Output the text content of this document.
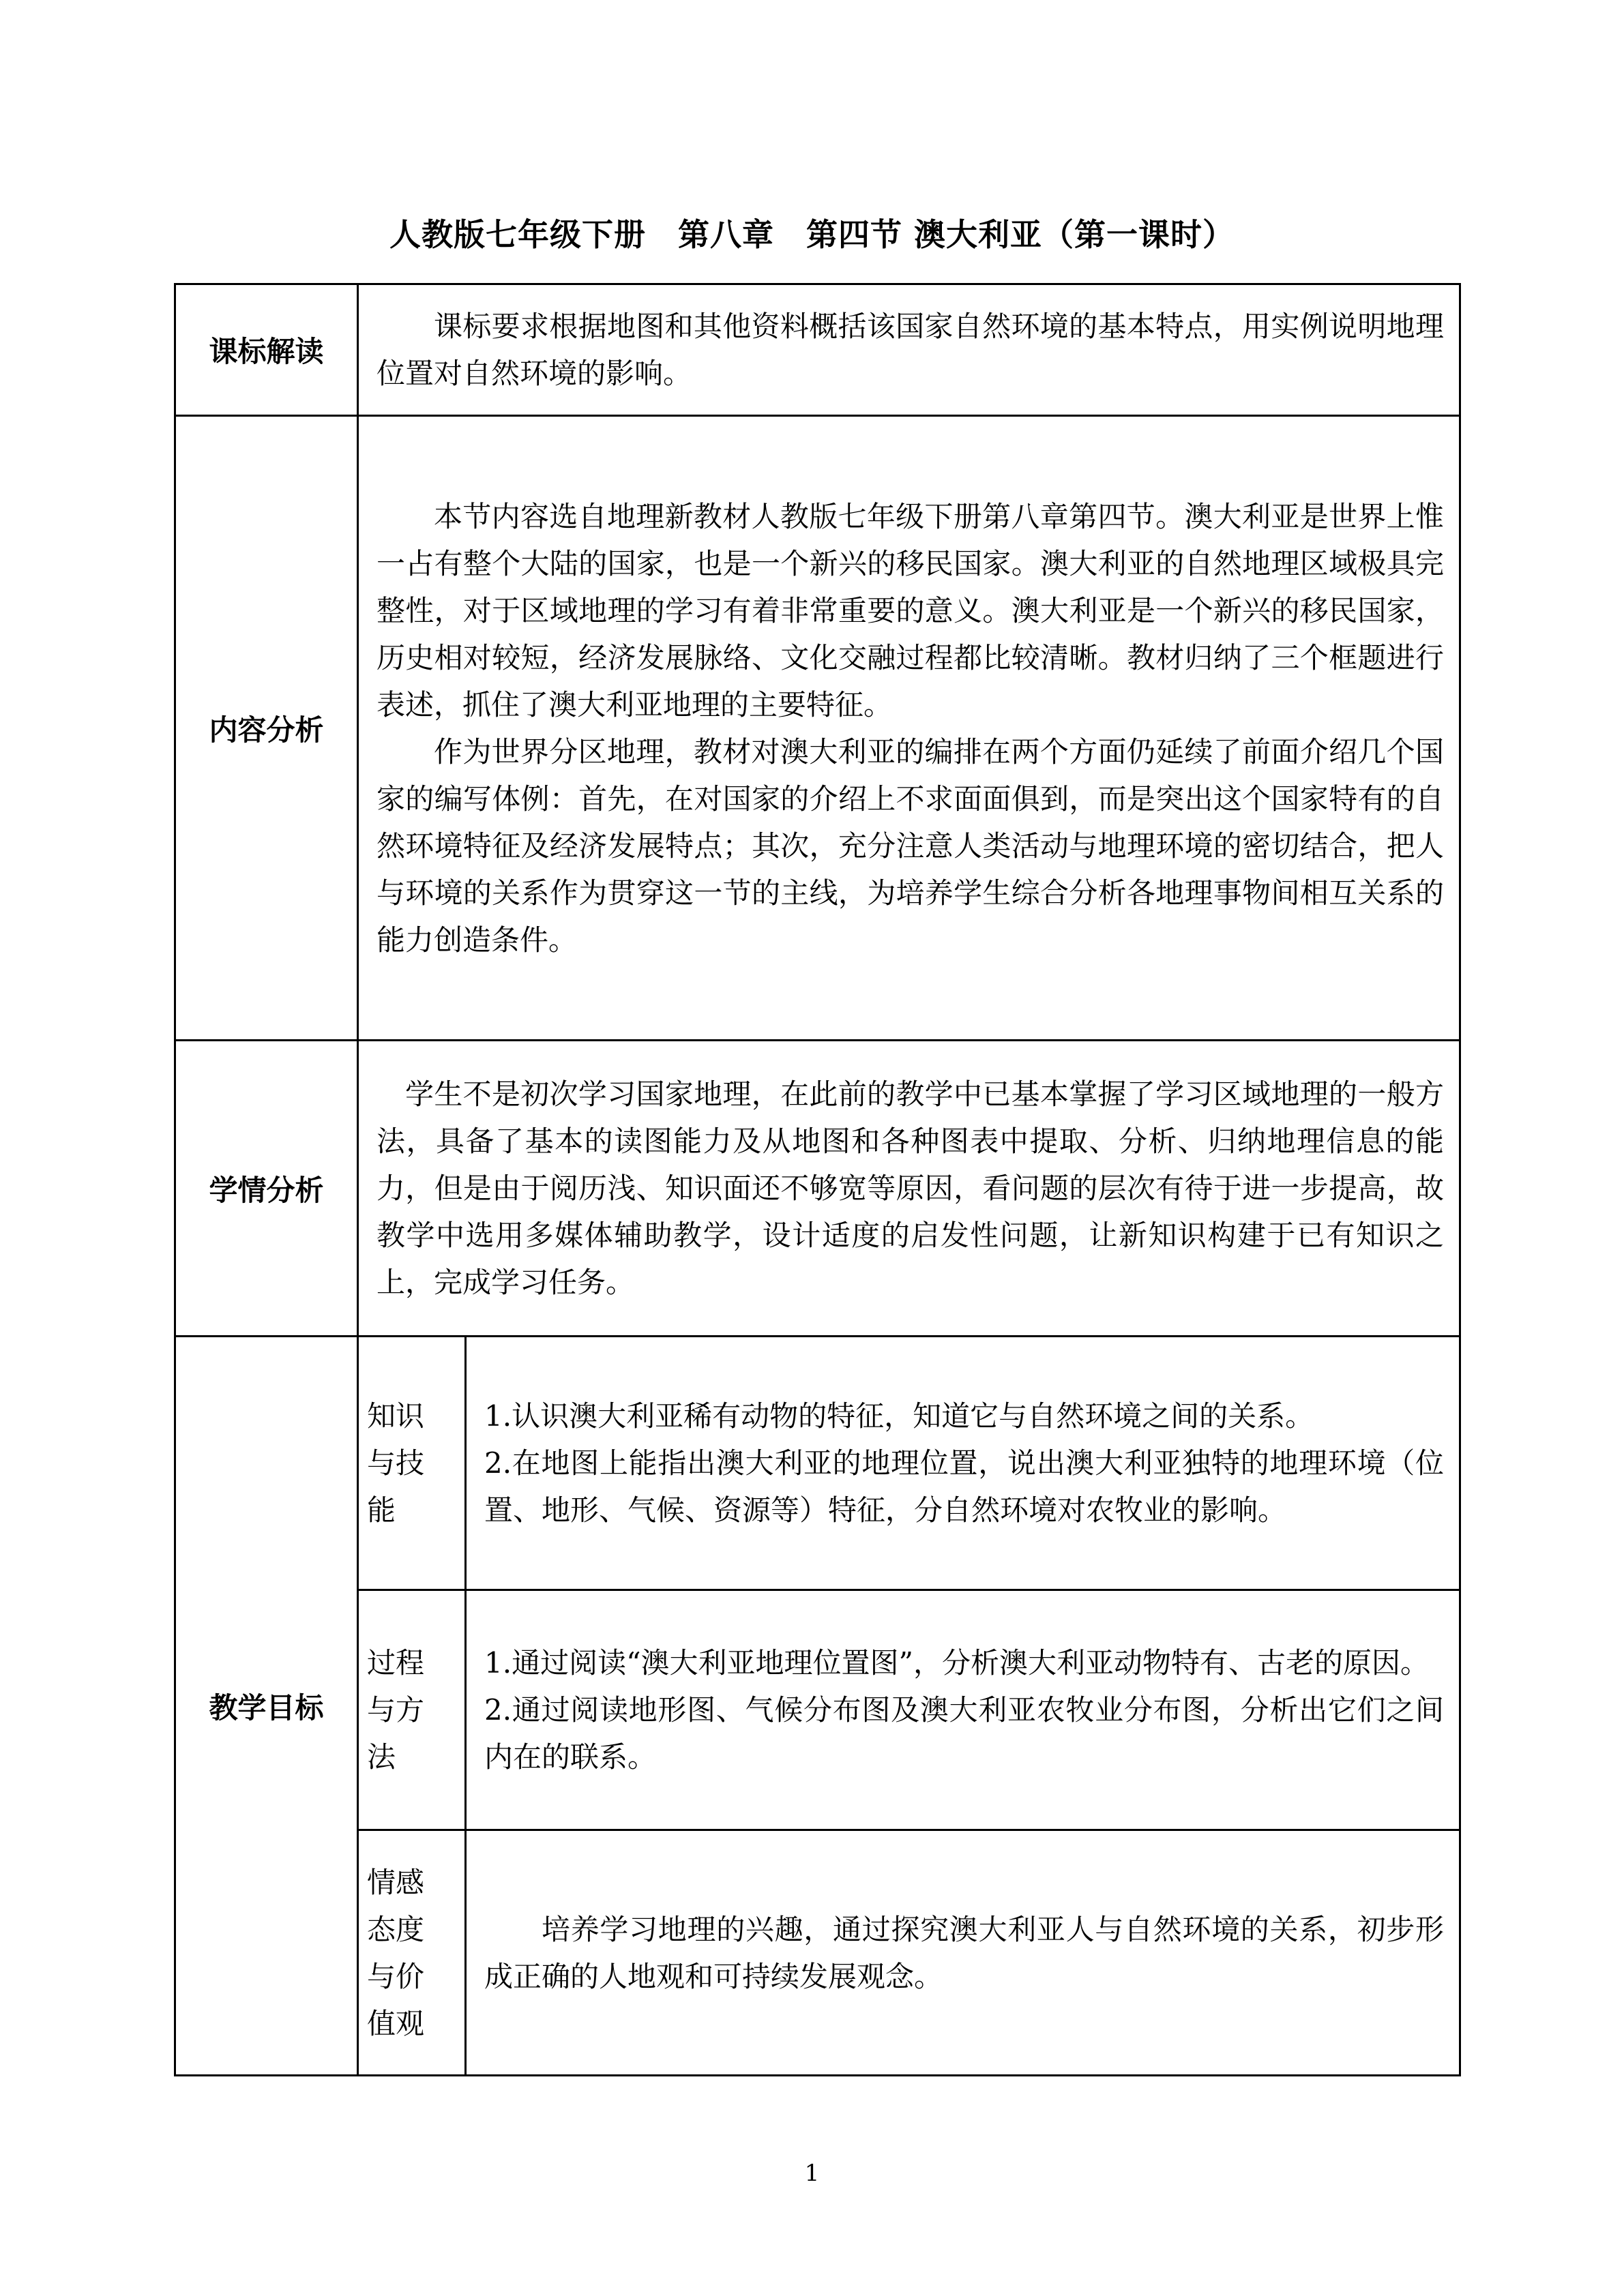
人教版七年级下册　第八章　第四节 澳大利亚（第一课时）
课标解读	课标要求根据地图和其他资料概括该国家自然环境的基本特点，用实例说明地理位置对自然环境的影响。	

内容分析	本节内容选自地理新教材人教版七年级下册第八章第四节。澳大利亚是世界上惟一占有整个大陆的国家，也是一个新兴的移民国家。澳大利亚的自然地理区域极具完整性，对于区域地理的学习有着非常重要的意义。澳大利亚是一个新兴的移民国家，历史相对较短，经济发展脉络、文化交融过程都比较清晰。教材归纳了三个框题进行表述，抓住了澳大利亚地理的主要特征。

作为世界分区地理，教材对澳大利亚的编排在两个方面仍延续了前面介绍几个国家的编写体例：首先，在对国家的介绍上不求面面俱到，而是突出这个国家特有的自然环境特征及经济发展特点；其次，充分注意人类活动与地理环境的密切结合，把人与环境的关系作为贯穿这一节的主线，为培养学生综合分析各地理事物间相互关系的能力创造条件。	

学情分析	学生不是初次学习国家地理，在此前的教学中已基本掌握了学习区域地理的一般方法，具备了基本的读图能力及从地图和各种图表中提取、分析、归纳地理信息的能力，但是由于阅历浅、知识面还不够宽等原因，看问题的层次有待于进一步提高，故教学中选用多媒体辅助教学，设计适度的启发性问题，让新知识构建于已有知识之上，完成学习任务。	

教学目标	知识与技能	1.认识澳大利亚稀有动物的特征，知道它与自然环境之间的关系。

2.在地图上能指出澳大利亚的地理位置，说出澳大利亚独特的地理环境（位置、地形、气候、资源等）特征，分自然环境对农牧业的影响。

	过程与方法	1.通过阅读“澳大利亚地理位置图”，分析澳大利亚动物特有、古老的原因。

2.通过阅读地形图、气候分布图及澳大利亚农牧业分布图，分析出它们之间内在的联系。

	情感态度与价值观	培养学习地理的兴趣，通过探究澳大利亚人与自然环境的关系，初步形成正确的人地观和可持续发展观念。

1
